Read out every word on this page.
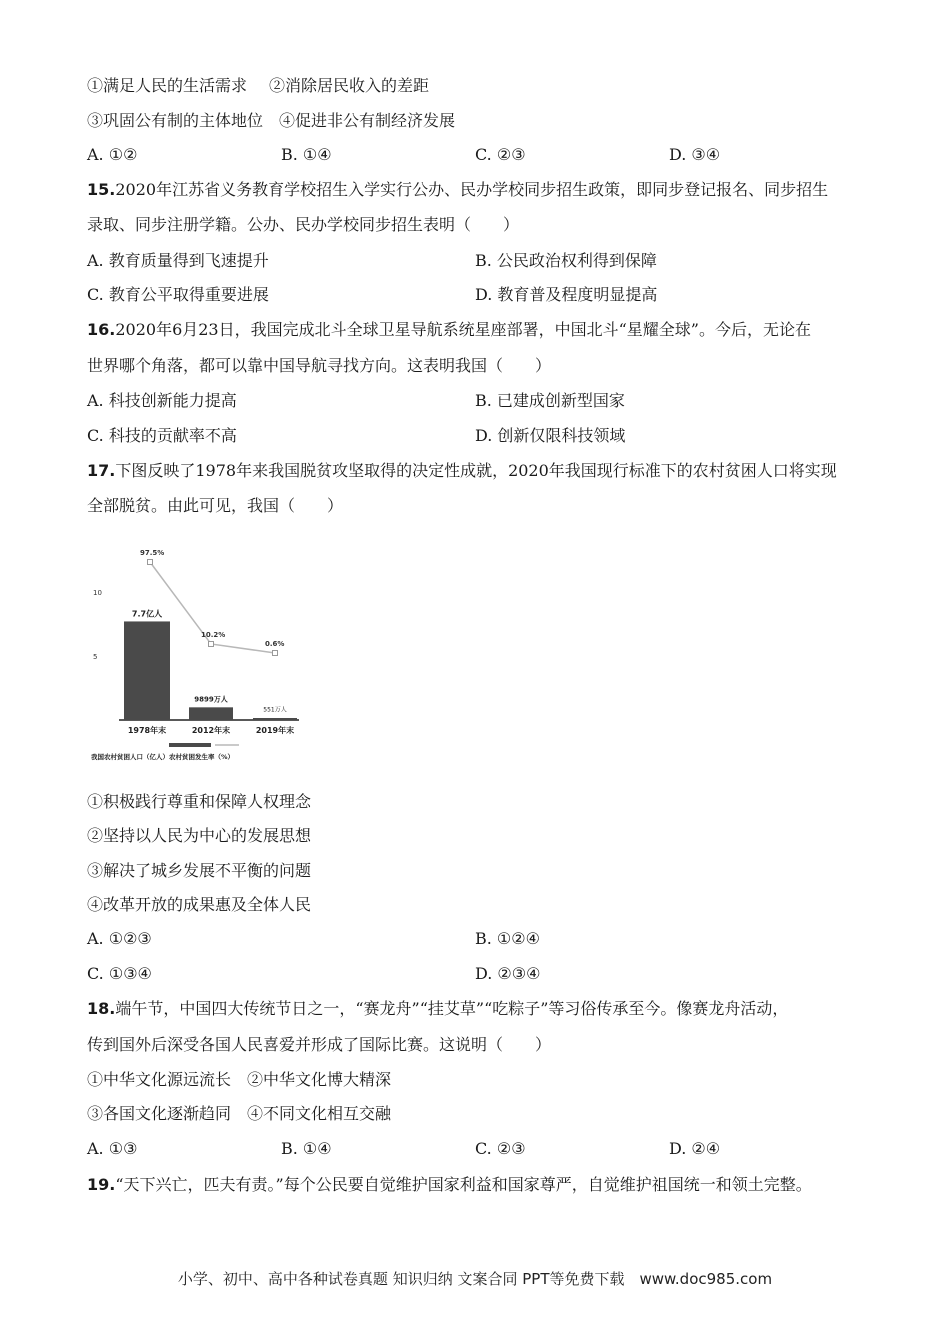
①满足人民的生活需求 ②消除居民收入的差距
③巩固公有制的主体地位 ④促进非公有制经济发展
A. ①②	B. ①④	C. ②③	D. ③④
15.2020年江苏省义务教育学校招生入学实行公办、民办学校同步招生政策，即同步登记报名、同步招生
录取、同步注册学籍。公办、民办学校同步招生表明（　　）
A. 教育质量得到飞速提升	B. 公民政治权利得到保障
C. 教育公平取得重要进展	D. 教育普及程度明显提高
16.2020年6月23日，我国完成北斗全球卫星导航系统星座部署，中国北斗“星耀全球”。今后，无论在
世界哪个角落，都可以靠中国导航寻找方向。这表明我国（　　）
A. 科技创新能力提高	B. 已建成创新型国家
C. 科技的贡献率不高	D. 创新仅限科技领域
17.下图反映了1978年来我国脱贫攻坚取得的决定性成就，2020年我国现行标准下的农村贫困人口将实现
全部脱贫。由此可见，我国（　　）
10
5
97.5%
10.2%
0.6%
7.7亿人
9899万人
551万人
1978年末	2012年末	2019年末
我国农村贫困人口（亿人）农村贫困发生率（%）
①积极践行尊重和保障人权理念
②坚持以人民为中心的发展思想
③解决了城乡发展不平衡的问题
④改革开放的成果惠及全体人民
A. ①②③	B. ①②④
C. ①③④	D. ②③④
18.端午节，中国四大传统节日之一，“赛龙舟”“挂艾草”“吃粽子”等习俗传承至今。像赛龙舟活动，
传到国外后深受各国人民喜爱并形成了国际比赛。这说明（　　）
①中华文化源远流长　②中华文化博大精深
③各国文化逐渐趋同　④不同文化相互交融
A. ①③	B. ①④	C. ②③	D. ②④
19.“天下兴亡，匹夫有责。”每个公民要自觉维护国家利益和国家尊严，自觉维护祖国统一和领土完整。
小学、初中、高中各种试卷真题 知识归纳 文案合同 PPT等免费下载　www.doc985.com
